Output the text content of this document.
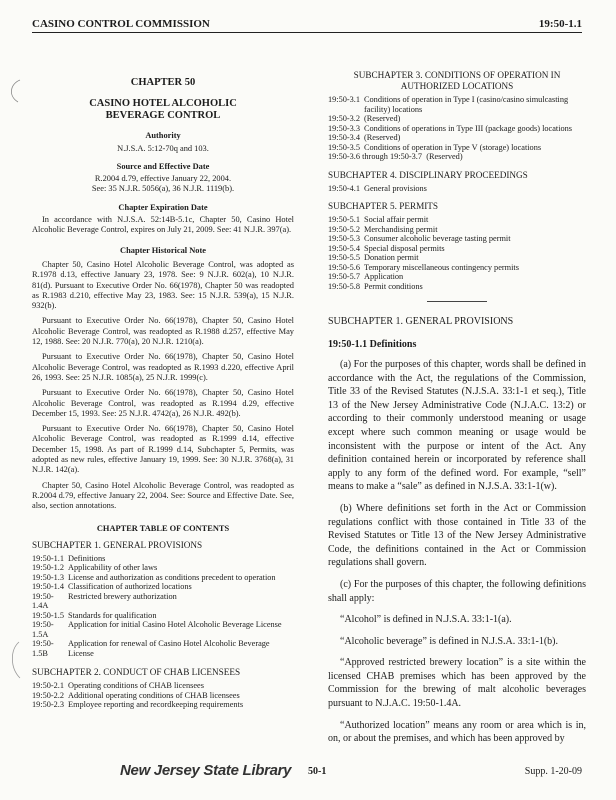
CASINO CONTROL COMMISSION	19:50-1.1

CHAPTER 50

CASINO HOTEL ALCOHOLIC

BEVERAGE CONTROL

Authority

N.J.S.A. 5:12-70q and 103.

Source and Effective Date

R.2004 d.79, effective January 22, 2004.

See: 35 N.J.R. 5056(a), 36 N.J.R. 1119(b).

Chapter Expiration Date

In accordance with N.J.S.A. 52:14B-5.1c, Chapter 50, Casino Hotel Alcoholic Beverage Control, expires on July 21, 2009. See: 41 N.J.R. 397(a).

Chapter Historical Note

Chapter 50, Casino Hotel Alcoholic Beverage Control, was adopted as R.1978 d.13, effective January 23, 1978. See: 9 N.J.R. 602(a), 10 N.J.R. 81(d). Pursuant to Executive Order No. 66(1978), Chapter 50 was readopted as R.1983 d.210, effective May 23, 1983. See: 15 N.J.R. 539(a), 15 N.J.R. 932(b).

Pursuant to Executive Order No. 66(1978), Chapter 50, Casino Hotel Alcoholic Beverage Control, was readopted as R.1988 d.257, effective May 12, 1988. See: 20 N.J.R. 770(a), 20 N.J.R. 1210(a).

Pursuant to Executive Order No. 66(1978), Chapter 50, Casino Hotel Alcoholic Beverage Control, was readopted as R.1993 d.220, effective April 26, 1993. See: 25 N.J.R. 1085(a), 25 N.J.R. 1999(c).

Pursuant to Executive Order No. 66(1978), Chapter 50, Casino Hotel Alcoholic Beverage Control, was readopted as R.1994 d.29, effective December 15, 1993. See: 25 N.J.R. 4742(a), 26 N.J.R. 492(b).

Pursuant to Executive Order No. 66(1978), Chapter 50, Casino Hotel Alcoholic Beverage Control, was readopted as R.1999 d.14, effective December 15, 1998. As part of R.1999 d.14, Subchapter 5, Permits, was adopted as new rules, effective January 19, 1999. See: 30 N.J.R. 3768(a), 31 N.J.R. 142(a).

Chapter 50, Casino Hotel Alcoholic Beverage Control, was readopted as R.2004 d.79, effective January 22, 2004. See: Source and Effective Date. See, also, section annotations.

CHAPTER TABLE OF CONTENTS

SUBCHAPTER 1. GENERAL PROVISIONS

19:50-1.1 Definitions
19:50-1.2 Applicability of other laws
19:50-1.3 License and authorization as conditions precedent to operation
19:50-1.4 Classification of authorized locations
19:50-1.4A
Restricted brewery authorization
19:50-1.5 Standards for qualification
19:50-1.5A
Application for initial Casino Hotel Alcoholic Beverage License
19:50-1.5B
Application for renewal of Casino Hotel Alcoholic Beverage License

SUBCHAPTER 2. CONDUCT OF CHAB LICENSEES

19:50-2.1 Operating conditions of CHAB licensees
19:50-2.2 Additional operating conditions of CHAB licensees
19:50-2.3 Employee reporting and recordkeeping requirements

SUBCHAPTER 3. CONDITIONS OF OPERATION IN

AUTHORIZED LOCATIONS

19:50-3.1 Conditions of operation in Type I (casino/casino simulcasting facility) locations
19:50-3.2 (Reserved)
19:50-3.3 Conditions of operations in Type III (package goods) locations
19:50-3.4 (Reserved)
19:50-3.5 Conditions of operation in Type V (storage) locations
19:50-3.6 through 19:50-3.7 (Reserved)

SUBCHAPTER 4. DISCIPLINARY PROCEEDINGS

19:50-4.1 General provisions

SUBCHAPTER 5. PERMITS

19:50-5.1 Social affair permit
19:50-5.2 Merchandising permit
19:50-5.3 Consumer alcoholic beverage tasting permit
19:50-5.4 Special disposal permits
19:50-5.5 Donation permit
19:50-5.6 Temporary miscellaneous contingency permits
19:50-5.7 Application
19:50-5.8 Permit conditions

SUBCHAPTER 1. GENERAL PROVISIONS

19:50-1.1 Definitions

(a) For the purposes of this chapter, words shall be defined in accordance with the Act, the regulations of the Commission, Title 33 of the Revised Statutes (N.J.S.A. 33:1-1 et seq.), Title 13 of the New Jersey Administrative Code (N.J.A.C. 13:2) or according to their commonly understood meaning or usage except where such common meaning or usage would be inconsistent with the purpose or intent of the Act. Any definition contained herein or incorporated by reference shall apply to any form of the defined word. For example, “sell” means to make a “sale” as defined in N.J.S.A. 33:1-1(w).

(b) Where definitions set forth in the Act or Commission regulations conflict with those contained in Title 33 of the Revised Statutes or Title 13 of the New Jersey Administrative Code, the definitions contained in the Act or Commission regulations shall govern.

(c) For the purposes of this chapter, the following definitions shall apply:

“Alcohol” is defined in N.J.S.A. 33:1-1(a).

“Alcoholic beverage” is defined in N.J.S.A. 33:1-1(b).

“Approved restricted brewery location” is a site within the licensed CHAB premises which has been approved by the Commission for the brewing of malt alcoholic beverages pursuant to N.J.A.C. 19:50-1.4A.

“Authorized location” means any room or area which is in, on, or about the premises, and which has been approved by

New Jersey State Library 50-1	Supp. 1-20-09
